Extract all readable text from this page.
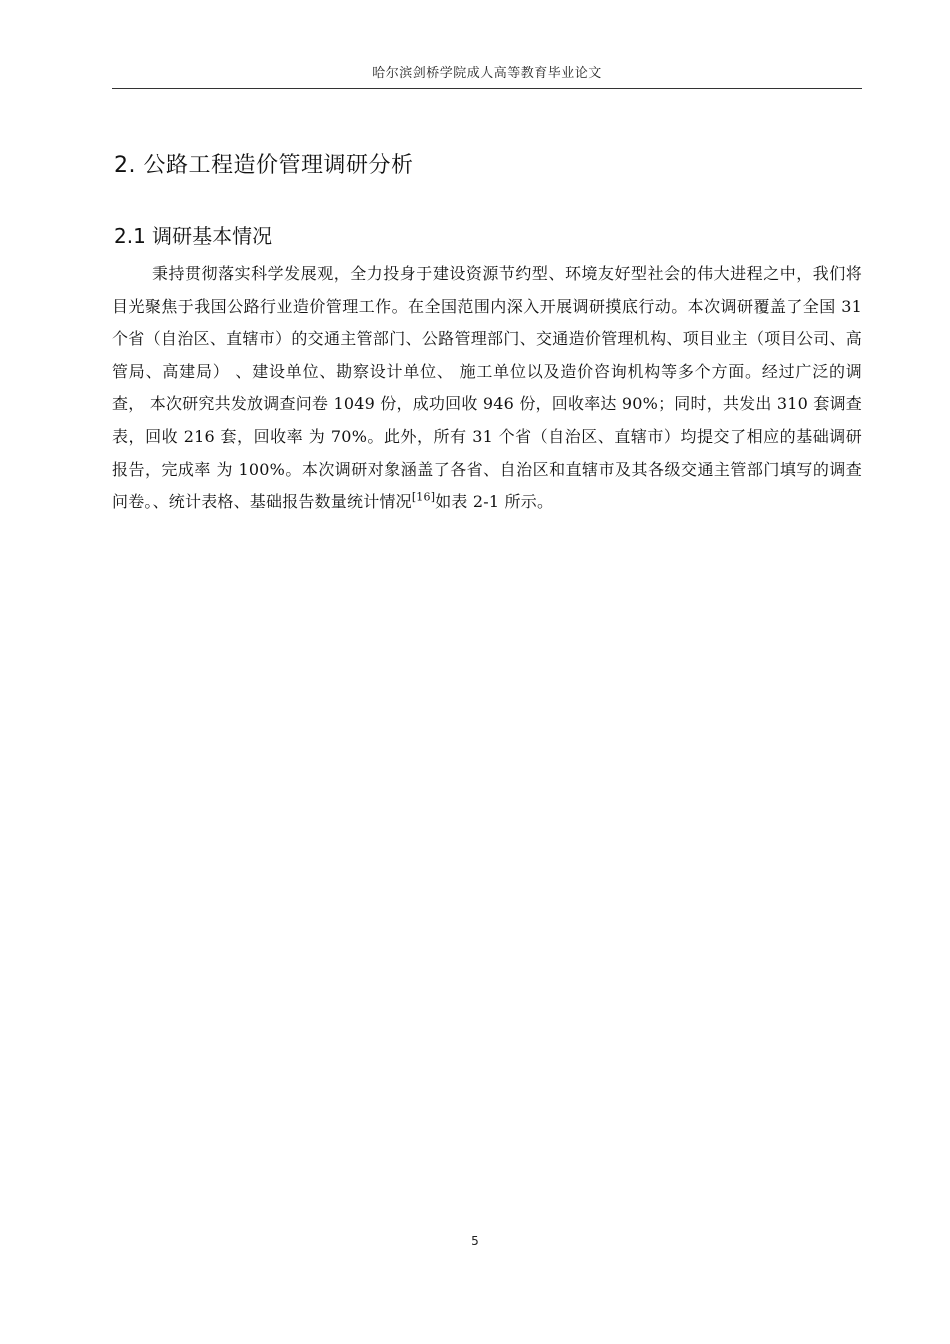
哈尔滨剑桥学院成人高等教育毕业论文
2. 公路工程造价管理调研分析
2.1 调研基本情况

秉持贯彻落实科学发展观，全力投身于建设资源节约型、环境友好型社会的伟大进程之中，我们将目光聚焦于我国公路行业造价管理工作。在全国范围内深入开展调研摸底行动。本次调研覆盖了全国 31 个省（自治区、直辖市）的交通主管部门、公路管理部门、交通造价管理机构、项目业主（项目公司、高管局、高建局） 、建设单位、勘察设计单位、 施工单位以及造价咨询机构等多个方面。经过广泛的调查， 本次研究共发放调查问卷 1049 份，成功回收 946 份，回收率达 90%；同时，共发出 310 套调查表，回收 216 套，回收率 为 70%。此外，所有 31 个省（自治区、直辖市）均提交了相应的基础调研报告，完成率 为 100%。本次调研对象涵盖了各省、自治区和直辖市及其各级交通主管部门填写的调查 问卷。、统计表格、基础报告数量统计情况[16]如表 2-1 所示。

5
